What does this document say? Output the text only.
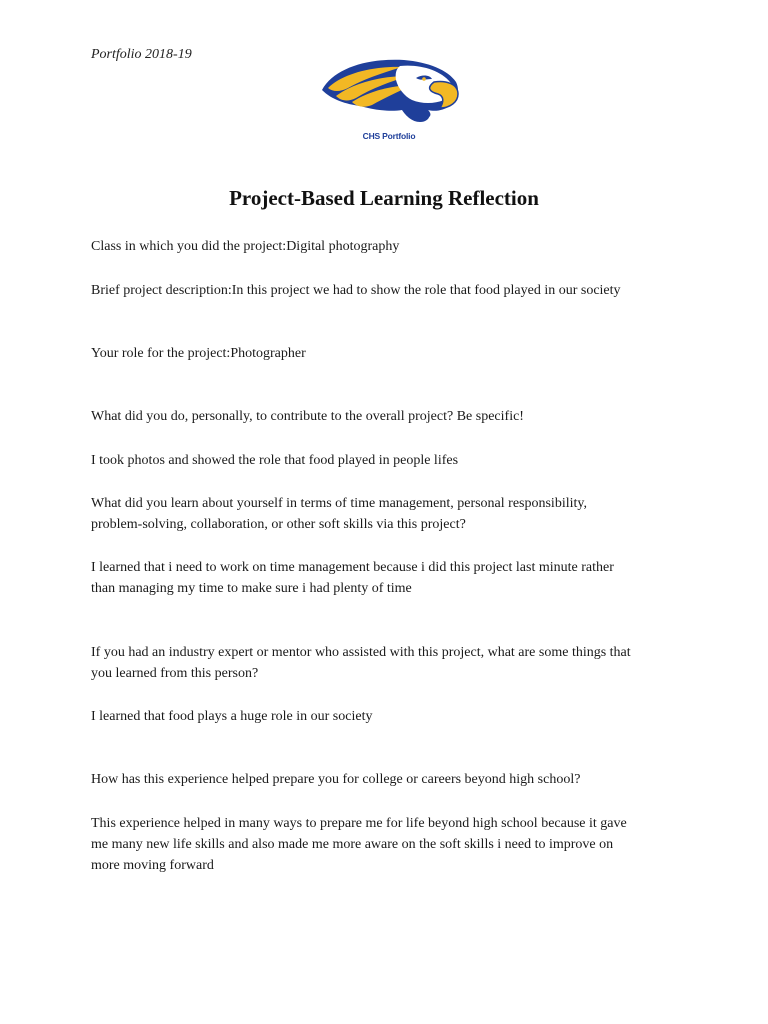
Portfolio 2018-19
CHS Portfolio
Project-Based Learning Reflection

Class in which you did the project:Digital photography

Brief project description:In this project we had to show the role that food played in our society

Your role for the project:Photographer

What did you do, personally, to contribute to the overall project? Be specific!

I took photos and showed the role that food played in people lifes

What did you learn about yourself in terms of time management, personal responsibility,
problem-solving, collaboration, or other soft skills via this project?
I learned that i need to work on time management because i did this project last minute rather
than managing my time to make sure i had plenty of time
If you had an industry expert or mentor who assisted with this project, what are some things that
you learned from this person?

I learned that food plays a huge role in our society

How has this experience helped prepare you for college or careers beyond high school?

This experience helped in many ways to prepare me for life beyond high school because it gave
me many new life skills and also made me more aware on the soft skills i need to improve on
more moving forward
